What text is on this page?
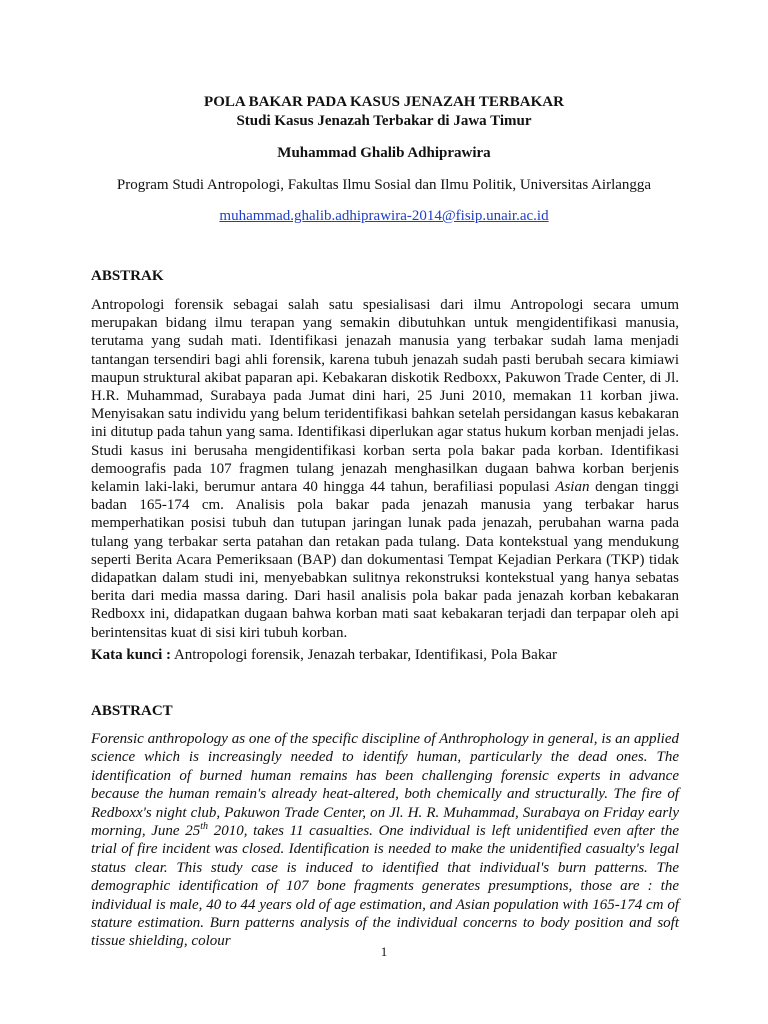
POLA BAKAR PADA KASUS JENAZAH TERBAKAR
Studi Kasus Jenazah Terbakar di Jawa Timur
Muhammad Ghalib Adhiprawira
Program Studi Antropologi, Fakultas Ilmu Sosial dan Ilmu Politik, Universitas Airlangga
muhammad.ghalib.adhiprawira-2014@fisip.unair.ac.id
ABSTRAK

Antropologi forensik sebagai salah satu spesialisasi dari ilmu Antropologi secara umum merupakan bidang ilmu terapan yang semakin dibutuhkan untuk mengidentifikasi manusia, terutama yang sudah mati. Identifikasi jenazah manusia yang terbakar sudah lama menjadi tantangan tersendiri bagi ahli forensik, karena tubuh jenazah sudah pasti berubah secara kimiawi maupun struktural akibat paparan api. Kebakaran diskotik Redboxx, Pakuwon Trade Center, di Jl. H.R. Muhammad, Surabaya pada Jumat dini hari, 25 Juni 2010, memakan 11 korban jiwa. Menyisakan satu individu yang belum teridentifikasi bahkan setelah persidangan kasus kebakaran ini ditutup pada tahun yang sama. Identifikasi diperlukan agar status hukum korban menjadi jelas. Studi kasus ini berusaha mengidentifikasi korban serta pola bakar pada korban. Identifikasi demoografis pada 107 fragmen tulang jenazah menghasilkan dugaan bahwa korban berjenis kelamin laki-laki, berumur antara 40 hingga 44 tahun, berafiliasi populasi Asian dengan tinggi badan 165-174 cm. Analisis pola bakar pada jenazah manusia yang terbakar harus memperhatikan posisi tubuh dan tutupan jaringan lunak pada jenazah, perubahan warna pada tulang yang terbakar serta patahan dan retakan pada tulang. Data kontekstual yang mendukung seperti Berita Acara Pemeriksaan (BAP) dan dokumentasi Tempat Kejadian Perkara (TKP) tidak didapatkan dalam studi ini, menyebabkan sulitnya rekonstruksi kontekstual yang hanya sebatas berita dari media massa daring. Dari hasil analisis pola bakar pada jenazah korban kebakaran Redboxx ini, didapatkan dugaan bahwa korban mati saat kebakaran terjadi dan terpapar oleh api berintensitas kuat di sisi kiri tubuh korban.

Kata kunci : Antropologi forensik, Jenazah terbakar, Identifikasi, Pola Bakar
ABSTRACT

Forensic anthropology as one of the specific discipline of Anthrophology in general, is an applied science which is increasingly needed to identify human, particularly the dead ones. The identification of burned human remains has been challenging forensic experts in advance because the human remain's already heat-altered, both chemically and structurally. The fire of Redboxx's night club, Pakuwon Trade Center, on Jl. H. R. Muhammad, Surabaya on Friday early morning, June 25th 2010, takes 11 casualties. One individual is left unidentified even after the trial of fire incident was closed. Identification is needed to make the unidentified casualty's legal status clear. This study case is induced to identified that individual's burn patterns. The demographic identification of 107 bone fragments generates presumptions, those are : the individual is male, 40 to 44 years old of age estimation, and Asian population with 165-174 cm of stature estimation. Burn patterns analysis of the individual concerns to body position and soft tissue shielding, colour

1
